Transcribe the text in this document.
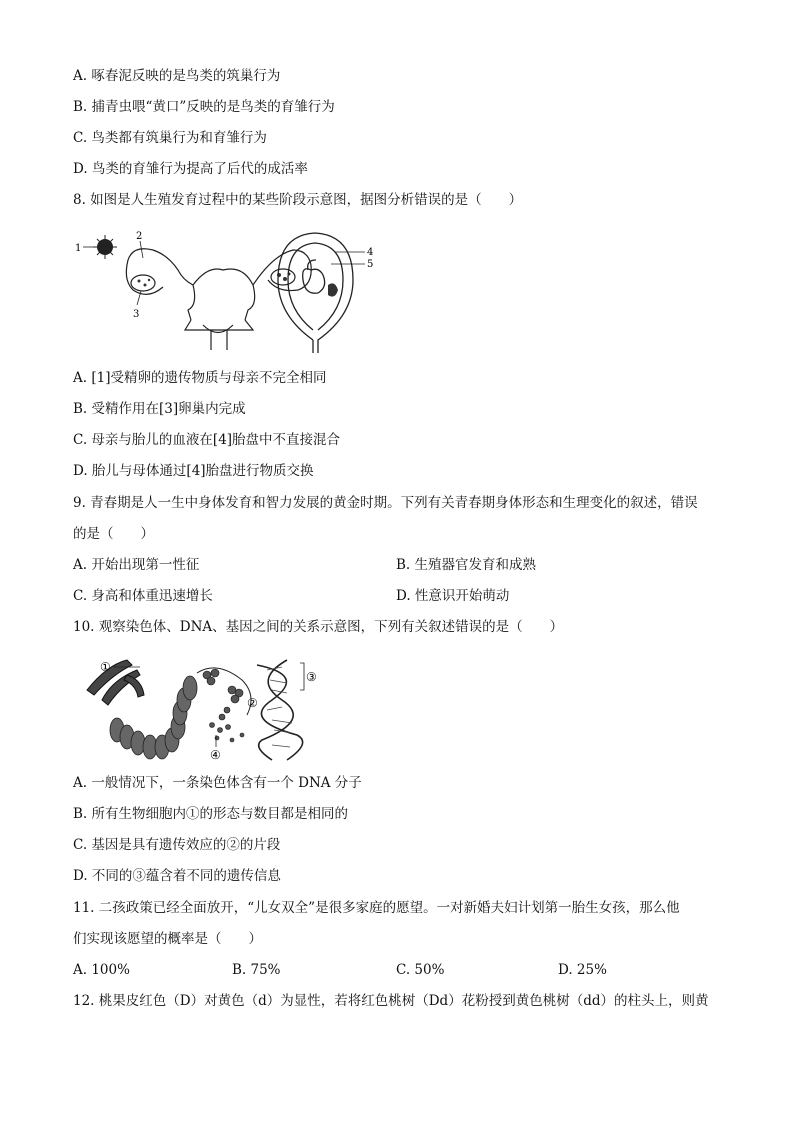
A. 啄春泥反映的是鸟类的筑巢行为
B. 捕青虫喂“黄口”反映的是鸟类的育雏行为
C. 鸟类都有筑巢行为和育雏行为
D. 鸟类的育雏行为提高了后代的成活率
8. 如图是人生殖发育过程中的某些阶段示意图，据图分析错误的是（　　）
1
2
3
4
5
A. [1]受精卵的遗传物质与母亲不完全相同
B. 受精作用在[3]卵巢内完成
C. 母亲与胎儿的血液在[4]胎盘中不直接混合
D. 胎儿与母体通过[4]胎盘进行物质交换
9. 青春期是人一生中身体发育和智力发展的黄金时期。下列有关青春期身体形态和生理变化的叙述，错误
的是（　　）
A. 开始出现第一性征	B. 生殖器官发育和成熟
C. 身高和体重迅速增长	D. 性意识开始萌动
10. 观察染色体、DNA、基因之间的关系示意图，下列有关叙述错误的是（　　）
①
②
③
④
A. 一般情况下，一条染色体含有一个 DNA 分子
B. 所有生物细胞内①的形态与数目都是相同的
C. 基因是具有遗传效应的②的片段
D. 不同的③蕴含着不同的遗传信息
11. 二孩政策已经全面放开，“儿女双全”是很多家庭的愿望。一对新婚夫妇计划第一胎生女孩，那么他
们实现该愿望的概率是（　　）
A. 100%	B. 75%	C. 50%	D. 25%
12. 桃果皮红色（D）对黄色（d）为显性，若将红色桃树（Dd）花粉授到黄色桃树（dd）的柱头上，则黄
